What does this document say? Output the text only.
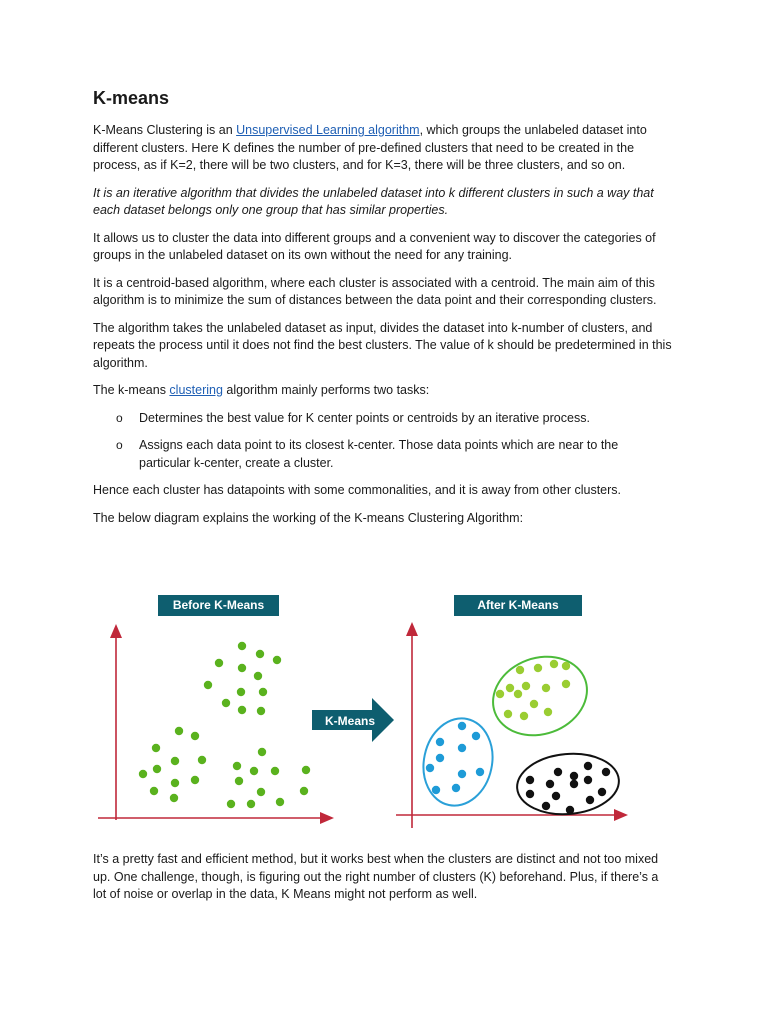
K-means

K-Means Clustering is an Unsupervised Learning algorithm, which groups the unlabeled dataset into different clusters. Here K defines the number of pre-defined clusters that need to be created in the process, as if K=2, there will be two clusters, and for K=3, there will be three clusters, and so on.

It is an iterative algorithm that divides the unlabeled dataset into k different clusters in such a way that each dataset belongs only one group that has similar properties.

It allows us to cluster the data into different groups and a convenient way to discover the categories of groups in the unlabeled dataset on its own without the need for any training.

It is a centroid-based algorithm, where each cluster is associated with a centroid. The main aim of this algorithm is to minimize the sum of distances between the data point and their corresponding clusters.

The algorithm takes the unlabeled dataset as input, divides the dataset into k-number of clusters, and repeats the process until it does not find the best clusters. The value of k should be predetermined in this algorithm.

The k-means clustering algorithm mainly performs two tasks:

o Determines the best value for K center points or centroids by an iterative process.
o Assigns each data point to its closest k-center. Those data points which are near to the particular k-center, create a cluster.

Hence each cluster has datapoints with some commonalities, and it is away from other clusters.

The below diagram explains the working of the K-means Clustering Algorithm:

Before K-Means	After K-Means
K-Means

It’s a pretty fast and efficient method, but it works best when the clusters are distinct and not too mixed up. One challenge, though, is figuring out the right number of clusters (K) beforehand. Plus, if there’s a lot of noise or overlap in the data, K Means might not perform as well.
